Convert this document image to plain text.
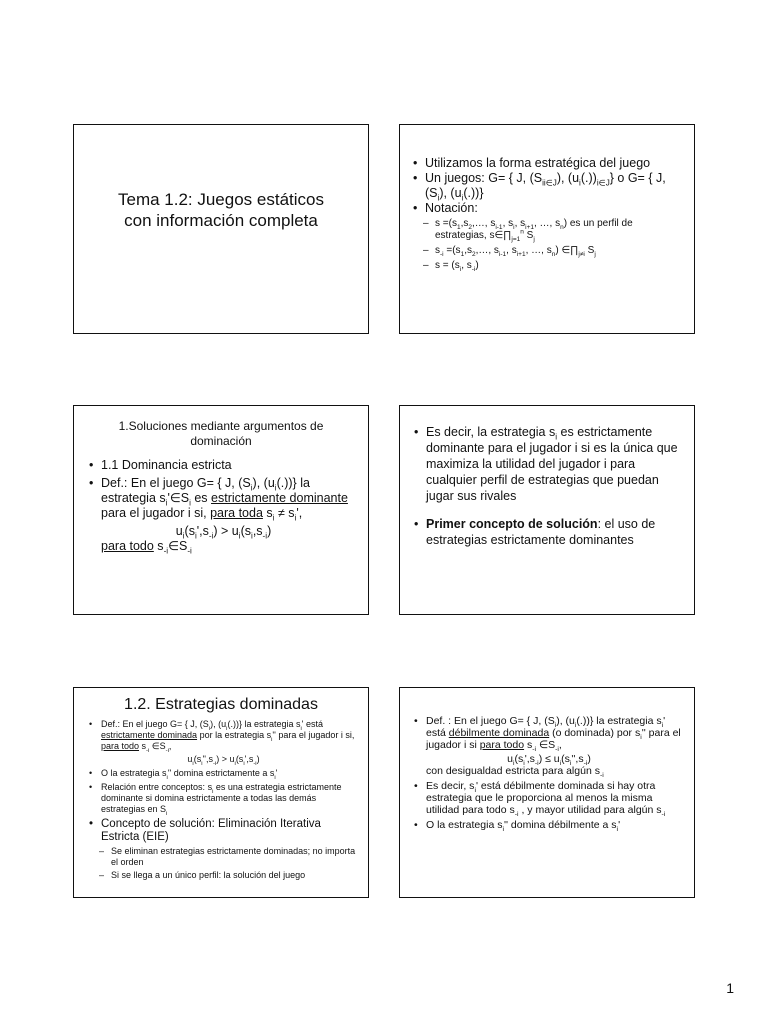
Tema 1.2: Juegos estáticos
con información completa
• Utilizamos la forma estratégica del juego
• Un juegos: G= { J, $(S_{ii\in J})$, $(u_i(.))_{i\in J}$} o G= { J, $(S_i)$, $(u_i(.))$}
• Notación:
– $s =(s_1,s_2,\dots$, $s_{i-1}$, $s_i$, $s_{i+1}$, …, $s_n$) es un perfil de estrategias, $s\in\prod_{j=1}^n$ $S_j$
– $s_{-i}$ $=(s_1,s_2,\dots$, $s_{i-1}$, $s_{i+1}$, …, $s_n$) $\in\prod_{j\ne i}$ $S_j$
– $s = (s_i$, $s_{-i}$)
1.Soluciones mediante argumentos de
dominación
• 1.1 Dominancia estricta
• Def.: En el juego G= { J, $(S_i)$, $(u_i(.))$} la estrategia $s_i'\in S_i$ es estrictamente dominante para el jugador i si, para toda $s_i \ne s_i'$,
$u_i(s_i',s_{-i}) > u_i(s_i,s_{-i})$
para todo $s_{-i}\in S_{-i}$
• Es decir, la estrategia $s_i$ es estrictamente dominante para el jugador i si es la única que maximiza la utilidad del jugador i para cualquier perfil de estrategias que puedan jugar sus rivales
• Primer concepto de solución: el uso de estrategias estrictamente dominantes
1.2. Estrategias dominadas
• Def.: En el juego G= { J, $(S_i)$, $(u_i(.))$} la estrategia $s_i'$ está estrictamente dominada por la estrategia $s_i''$ para el jugador i si, para todo $s_{-i}$ $\in S_{-i}$,
$u_i(s_i'',s_{-i}) > u_i(s_i',s_{-i})$
• O la estrategia $s_i''$ domina estrictamente a $s_i'$
• Relación entre conceptos: $s_i$ es una estrategia estrictamente dominante si domina estrictamente a todas las demás estrategias en $S_i$
• Concepto de solución: Eliminación Iterativa Estricta (EIE)
– Se eliminan estrategias estrictamente dominadas; no importa el orden
– Si se llega a un único perfil: la solución del juego
• Def. : En el juego G= { J, $(S_i)$, $(u_i(.))$} la estrategia $s_i'$ está débilmente dominada (o dominada) por $s_i''$ para el jugador i si para todo $s_{-i}$ $\in S_{-i}$,
$u_i(s_i',s_{-i}) \le u_i(s_i'',s_{-i})$
con desigualdad estricta para algún $s_{-i}$
• Es decir, $s_i'$ está débilmente dominada si hay otra estrategia que le proporciona al menos la misma utilidad para todo $s_{-i}$ , y mayor utilidad para algún $s_{-i}$
• O la estrategia $s_i''$ domina débilmente a $s_i'$
1
